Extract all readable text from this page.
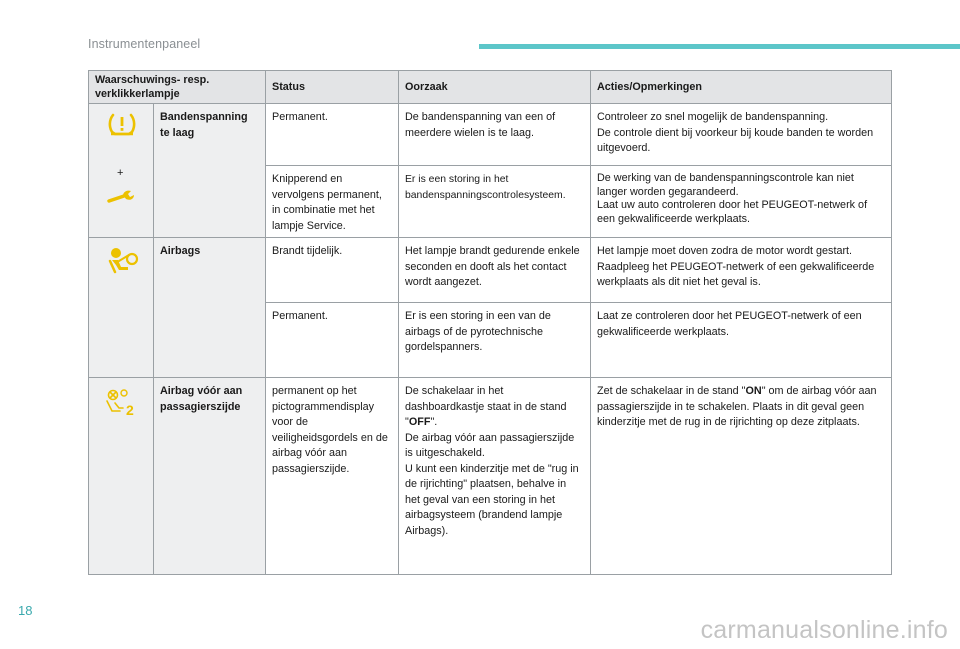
Instrumentenpaneel
Waarschuwings- resp. verklikkerlampje		Status	Oorzaak	Acties/Opmerkingen

+	Bandenspanning te laag	Permanent.	De bandenspanning van een of meerdere wielen is te laag.	Controleer zo snel mogelijk de bandenspanning.
De controle dient bij voorkeur bij koude banden te worden uitgevoerd.
		Knipperend en vervolgens permanent, in combinatie met het lampje Service.	Er is een storing in het bandenspanningscontrolesysteem.	De werking van de bandenspanningscontrole kan niet langer worden gegarandeerd.
Laat uw auto controleren door het PEUGEOT-netwerk of een gekwalificeerde werkplaats.

	Airbags	Brandt tijdelijk.	Het lampje brandt gedurende enkele seconden en dooft als het contact wordt aangezet.	Het lampje moet doven zodra de motor wordt gestart.
Raadpleeg het PEUGEOT-netwerk of een gekwalificeerde werkplaats als dit niet het geval is.
		Permanent.	Er is een storing in een van de airbags of de pyrotechnische gordelspanners.	Laat ze controleren door het PEUGEOT-netwerk of een gekwalificeerde werkplaats.

2	Airbag vóór aan passagierszijde	permanent op het pictogrammendisplay voor de veiligheidsgordels en de airbag vóór aan passagierszijde.	De schakelaar in het dashboardkastje staat in de stand "OFF".
De airbag vóór aan passagierszijde is uitgeschakeld.
U kunt een kinderzitje met de "rug in de rijrichting" plaatsen, behalve in het geval van een storing in het airbagsysteem (brandend lampje Airbags).	Zet de schakelaar in de stand "ON" om de airbag vóór aan passagierszijde in te schakelen. Plaats in dit geval geen kinderzitje met de rug in de rijrichting op deze zitplaats.
18
carmanualsonline.info
